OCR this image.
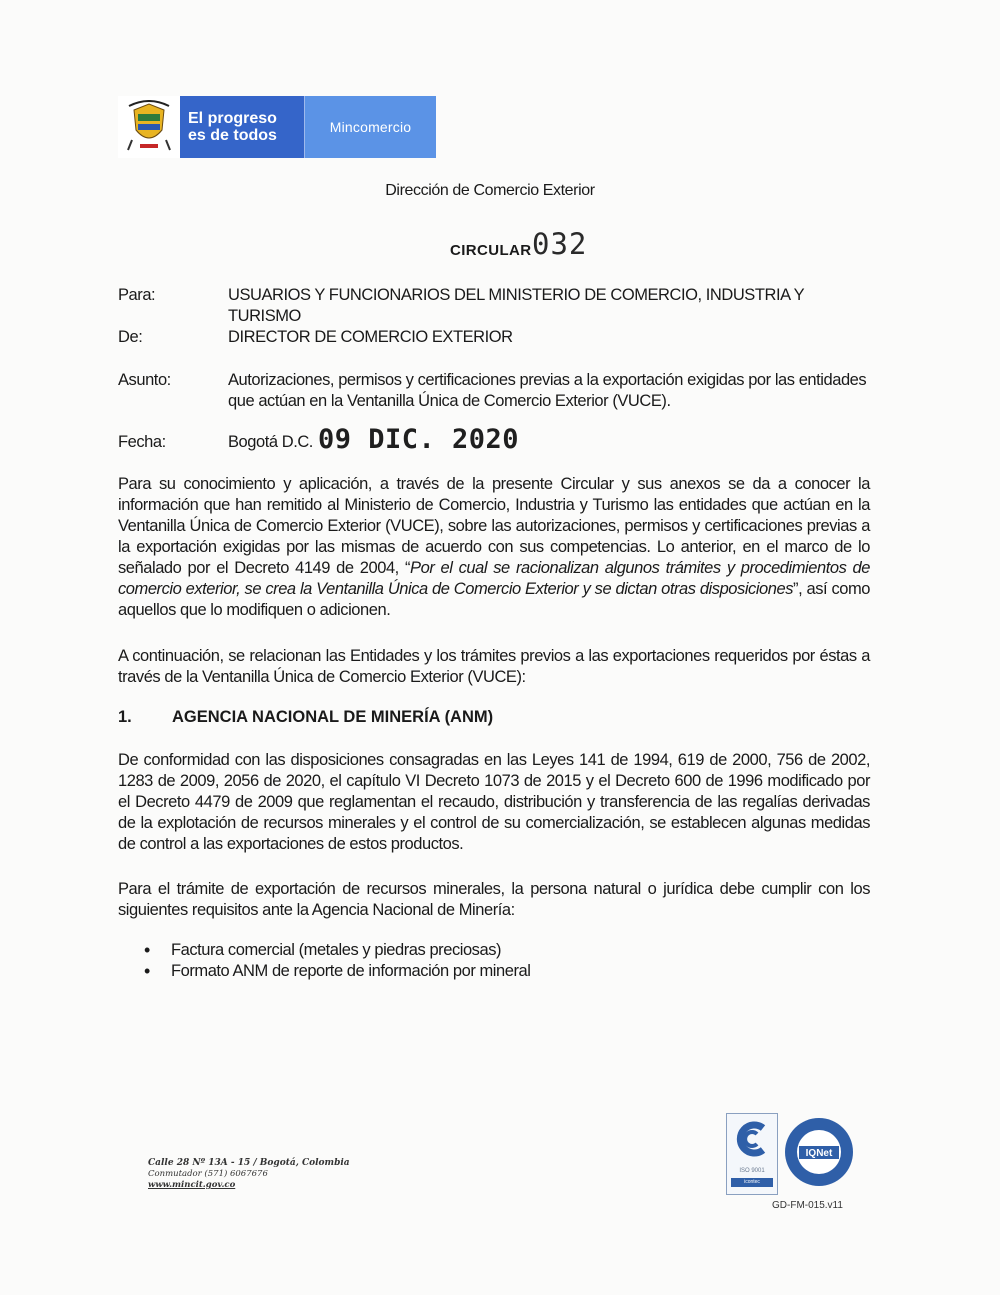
El progreso
es de todos	Mincomercio
Dirección de Comercio Exterior
CIRCULAR 032
Para:	USUARIOS Y FUNCIONARIOS DEL MINISTERIO DE COMERCIO, INDUSTRIA Y TURISMO
De:	DIRECTOR DE COMERCIO EXTERIOR
Asunto:	Autorizaciones, permisos y certificaciones previas a la exportación exigidas por las entidades que actúan en la Ventanilla Única de Comercio Exterior (VUCE).
Fecha:	Bogotá D.C. 09 DIC. 2020
Para su conocimiento y aplicación, a través de la presente Circular y sus anexos se da a conocer la información que han remitido al Ministerio de Comercio, Industria y Turismo las entidades que actúan en la Ventanilla Única de Comercio Exterior (VUCE), sobre las autorizaciones, permisos y certificaciones previas a la exportación exigidas por las mismas de acuerdo con sus competencias. Lo anterior, en el marco de lo señalado por el Decreto 4149 de 2004, “Por el cual se racionalizan algunos trámites y procedimientos de comercio exterior, se crea la Ventanilla Única de Comercio Exterior y se dictan otras disposiciones”, así como aquellos que lo modifiquen o adicionen.
A continuación, se relacionan las Entidades y los trámites previos a las exportaciones requeridos por éstas a través de la Ventanilla Única de Comercio Exterior (VUCE):
1. AGENCIA NACIONAL DE MINERÍA (ANM)
De conformidad con las disposiciones consagradas en las Leyes 141 de 1994, 619 de 2000, 756 de 2002, 1283 de 2009, 2056 de 2020, el capítulo VI Decreto 1073 de 2015 y el Decreto 600 de 1996 modificado por el Decreto 4479 de 2009 que reglamentan el recaudo, distribución y transferencia de las regalías derivadas de la explotación de recursos minerales y el control de su comercialización, se establecen algunas medidas de control a las exportaciones de estos productos.
Para el trámite de exportación de recursos minerales, la persona natural o jurídica debe cumplir con los siguientes requisitos ante la Agencia Nacional de Minería:
• Factura comercial (metales y piedras preciosas)
• Formato ANM de reporte de información por mineral
Calle 28 Nº 13A - 15 / Bogotá, Colombia
Conmutador (571) 6067676
www.mincit.gov.co
ISO 9001
icontec
IQNet
GD-FM-015.v11
